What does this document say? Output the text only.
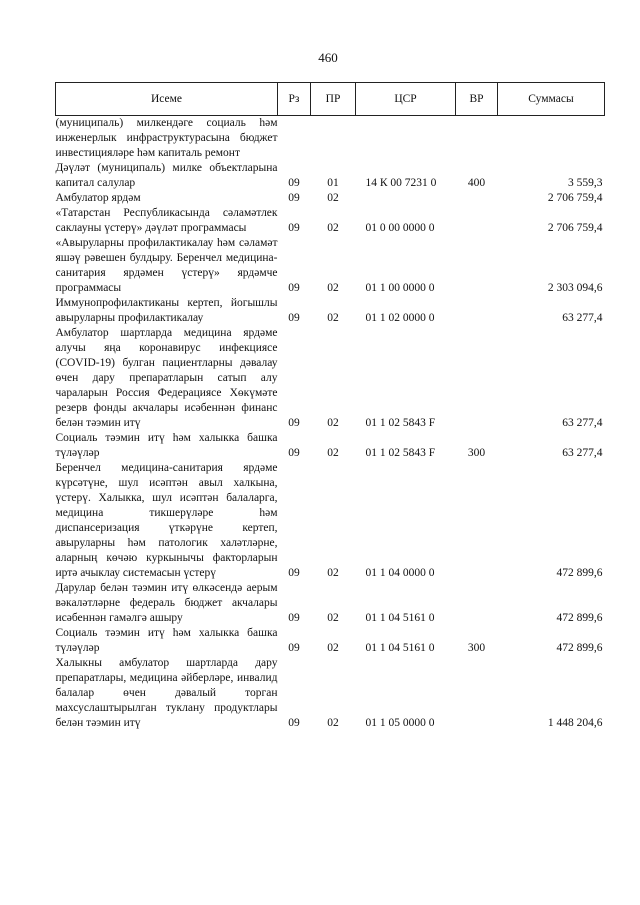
460
Исеме	Рз	ПР	ЦСР	ВР	Суммасы
(муниципаль) милкендәге социаль һәм инженерлык инфраструктурасына бюджет инвестицияләре һәм капиталь ремонт					
Дәүләт (муниципаль) милке объектларына капитал салулар	09	01	14 К 00 7231 0	400	3 559,3
Амбулатор ярдәм	09	02			2 706 759,4
«Татарстан Республикасында сәламәтлек саклауны үстерү» дәүләт программасы	09	02	01 0 00 0000 0		2 706 759,4
«Авыруларны профилактикалау һәм сәламәт яшәү рәвешен булдыру. Беренчел медицина-санитария ярдәмен үстерү» ярдәмче программасы	09	02	01 1 00 0000 0		2 303 094,6
Иммунопрофилактиканы кертеп, йогышлы авыруларны профилактикалау	09	02	01 1 02 0000 0		63 277,4
Амбулатор шартларда медицина ярдәме алучы яңа коронавирус инфекциясе (COVID-19) булган пациентларны дәвалау өчен дару препаратларын сатып алу чараларын Россия Федерациясе Хөкүмәте резерв фонды акчалары исәбеннән финанс белән тәэмин итү	09	02	01 1 02 5843 F		63 277,4
Социаль тәэмин итү һәм халыкка башка түләүләр	09	02	01 1 02 5843 F	300	63 277,4
Беренчел медицина-санитария ярдәме күрсәтүне, шул исәптән авыл халкына, үстерү. Халыкка, шул исәптән балаларга, медицина тикшерүләре һәм диспансеризация үткәрүне кертеп, авыруларны һәм патологик халәтләрне, аларның көчәю куркынычы факторларын иртә ачыклау системасын үстерү	09	02	01 1 04 0000 0		472 899,6
Дарулар белән тәэмин итү өлкәсендә аерым вәкаләтләрне федераль бюджет акчалары исәбеннән гамәлгә ашыру	09	02	01 1 04 5161 0		472 899,6
Социаль тәэмин итү һәм халыкка башка түләүләр	09	02	01 1 04 5161 0	300	472 899,6
Халыкны амбулатор шартларда дару препаратлары, медицина әйберләре, инвалид балалар өчен дәвалый торган махсуслаштырылган туклану продуктлары белән тәэмин итү	09	02	01 1 05 0000 0		1 448 204,6
